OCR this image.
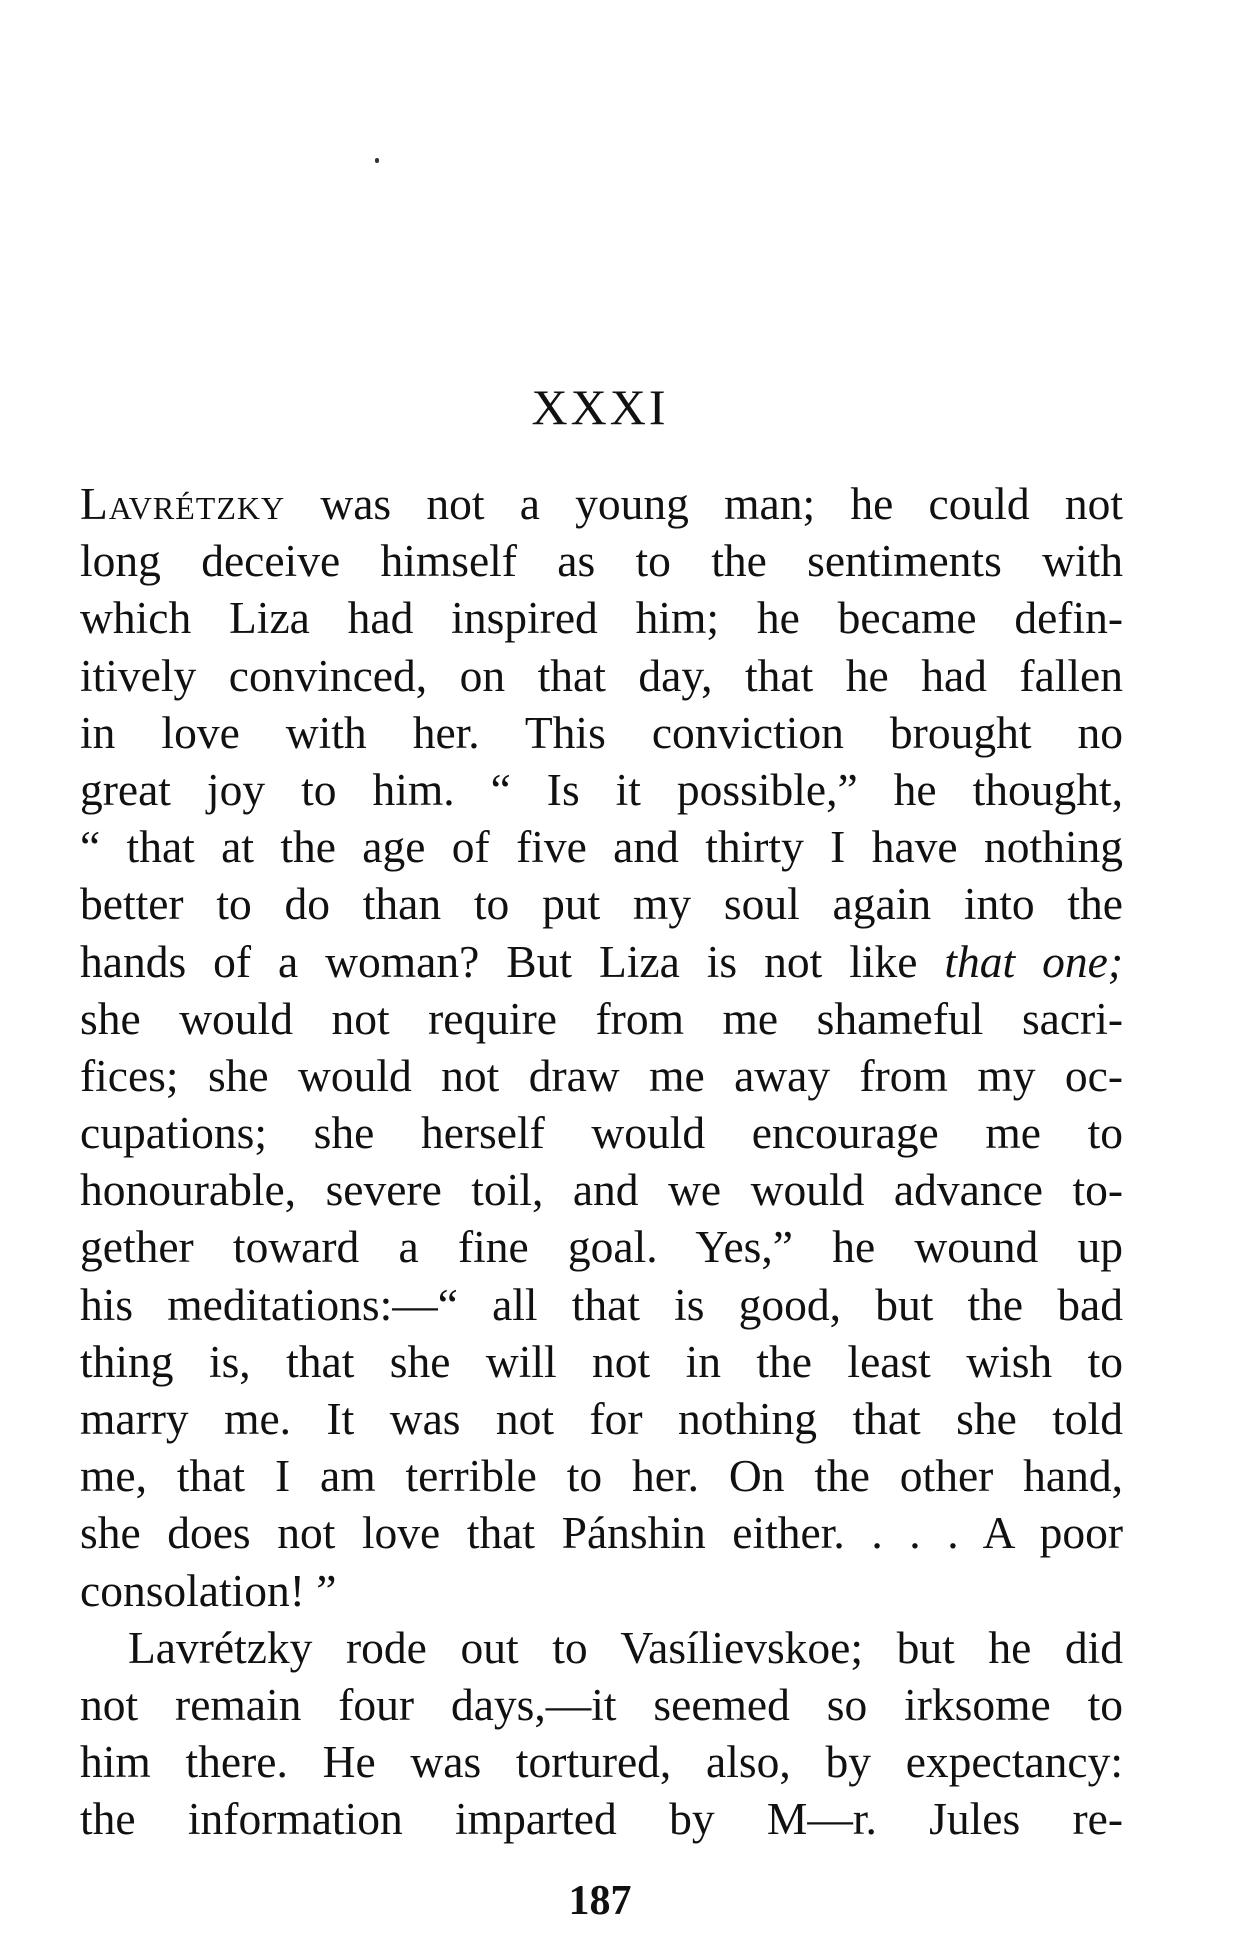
XXXI
Lavrétzky was not a young man; he could not
long deceive himself as to the sentiments with
which Liza had inspired him; he became defin-
itively convinced, on that day, that he had fallen
in love with her. This conviction brought no
great joy to him. “ Is it possible,” he thought,
“ that at the age of five and thirty I have nothing
better to do than to put my soul again into the
hands of a woman? But Liza is not like that one;
she would not require from me shameful sacri-
fices; she would not draw me away from my oc-
cupations; she herself would encourage me to
honourable, severe toil, and we would advance to-
gether toward a fine goal. Yes,” he wound up
his meditations:—“ all that is good, but the bad
thing is, that she will not in the least wish to
marry me. It was not for nothing that she told
me, that I am terrible to her. On the other hand,
she does not love that Pánshin either. . . . A poor
consolation! ”
Lavrétzky rode out to Vasílievskoe; but he did
not remain four days,—it seemed so irksome to
him there. He was tortured, also, by expectancy:
the information imparted by M—r. Jules re-
187
